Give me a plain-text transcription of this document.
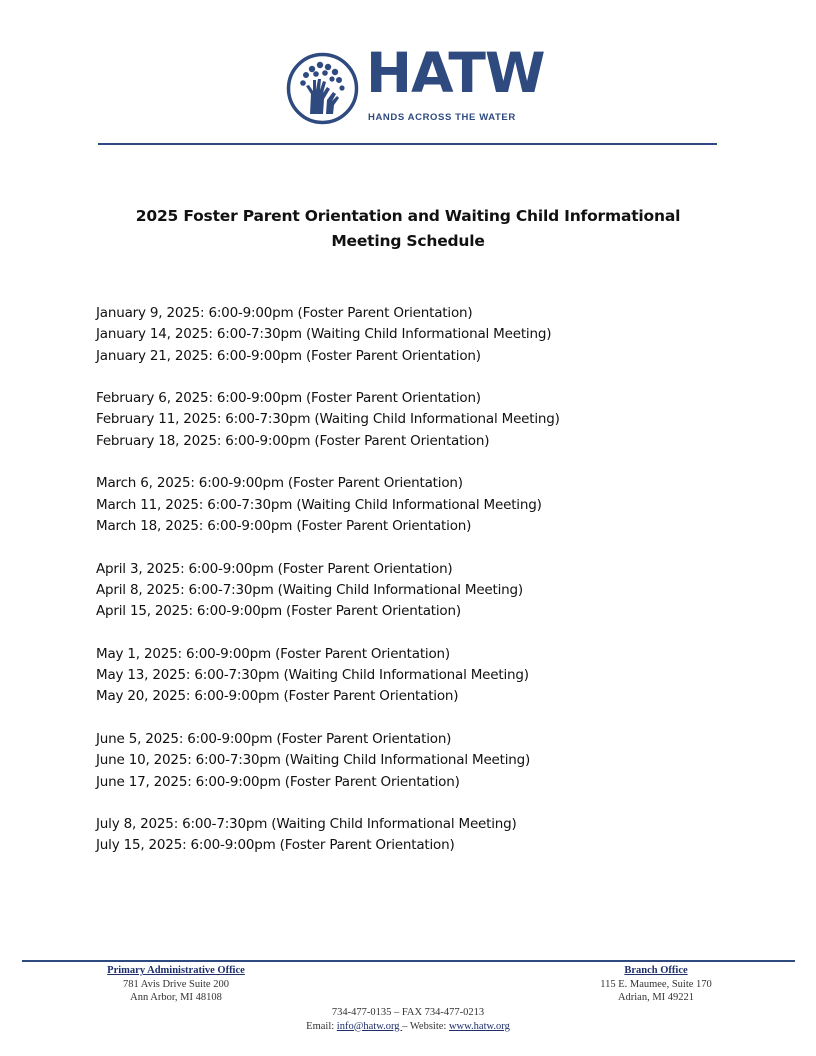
HATW
HANDS ACROSS THE WATER
2025 Foster Parent Orientation and Waiting Child Informational
Meeting Schedule
January 9, 2025: 6:00-9:00pm (Foster Parent Orientation)
January 14, 2025: 6:00-7:30pm (Waiting Child Informational Meeting)
January 21, 2025: 6:00-9:00pm (Foster Parent Orientation)
February 6, 2025: 6:00-9:00pm (Foster Parent Orientation)
February 11, 2025: 6:00-7:30pm (Waiting Child Informational Meeting)
February 18, 2025: 6:00-9:00pm (Foster Parent Orientation)
March 6, 2025: 6:00-9:00pm (Foster Parent Orientation)
March 11, 2025: 6:00-7:30pm (Waiting Child Informational Meeting)
March 18, 2025: 6:00-9:00pm (Foster Parent Orientation)
April 3, 2025: 6:00-9:00pm (Foster Parent Orientation)
April 8, 2025: 6:00-7:30pm (Waiting Child Informational Meeting)
April 15, 2025: 6:00-9:00pm (Foster Parent Orientation)
May 1, 2025: 6:00-9:00pm (Foster Parent Orientation)
May 13, 2025: 6:00-7:30pm (Waiting Child Informational Meeting)
May 20, 2025: 6:00-9:00pm (Foster Parent Orientation)
June 5, 2025: 6:00-9:00pm (Foster Parent Orientation)
June 10, 2025: 6:00-7:30pm (Waiting Child Informational Meeting)
June 17, 2025: 6:00-9:00pm (Foster Parent Orientation)
July 8, 2025: 6:00-7:30pm (Waiting Child Informational Meeting)
July 15, 2025: 6:00-9:00pm (Foster Parent Orientation)
Primary Administrative Office
781 Avis Drive Suite 200
Ann Arbor, MI 48108
Branch Office
115 E. Maumee, Suite 170
Adrian, MI 49221
734-477-0135 – FAX 734-477-0213
Email: info@hatw.org – Website: www.hatw.org
